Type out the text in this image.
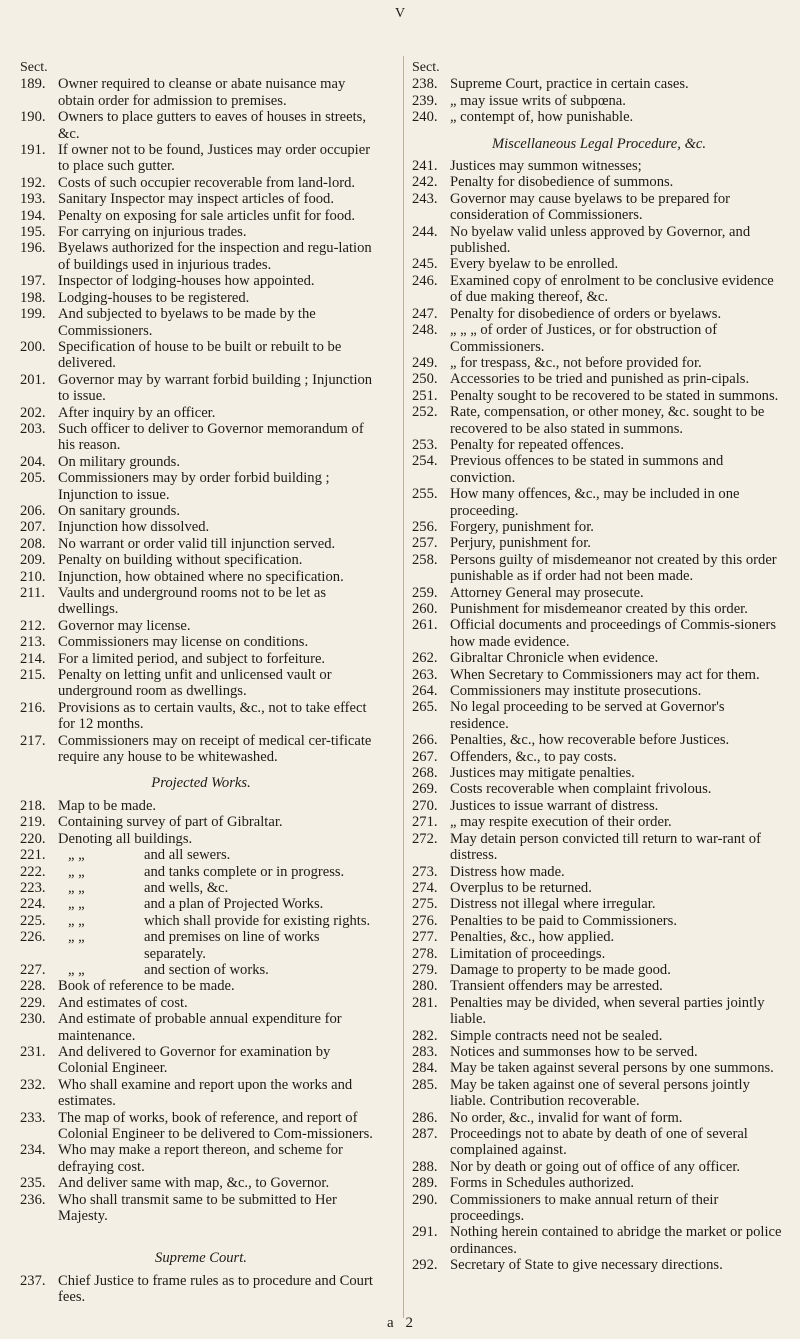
V
Sect.
189. Owner required to cleanse or abate nuisance may obtain order for admission to premises.
190. Owners to place gutters to eaves of houses in streets, &c.
191. If owner not to be found, Justices may order occupier to place such gutter.
192. Costs of such occupier recoverable from land-lord.
193. Sanitary Inspector may inspect articles of food.
194. Penalty on exposing for sale articles unfit for food.
195. For carrying on injurious trades.
196. Byelaws authorized for the inspection and regu-lation of buildings used in injurious trades.
197. Inspector of lodging-houses how appointed.
198. Lodging-houses to be registered.
199. And subjected to byelaws to be made by the Commissioners.
200. Specification of house to be built or rebuilt to be delivered.
201. Governor may by warrant forbid building ; Injunction to issue.
202. After inquiry by an officer.
203. Such officer to deliver to Governor memorandum of his reason.
204. On military grounds.
205. Commissioners may by order forbid building ; Injunction to issue.
206. On sanitary grounds.
207. Injunction how dissolved.
208. No warrant or order valid till injunction served.
209. Penalty on building without specification.
210. Injunction, how obtained where no specification.
211. Vaults and underground rooms not to be let as dwellings.
212. Governor may license.
213. Commissioners may license on conditions.
214. For a limited period, and subject to forfeiture.
215. Penalty on letting unfit and unlicensed vault or underground room as dwellings.
216. Provisions as to certain vaults, &c., not to take effect for 12 months.
217. Commissioners may on receipt of medical cer-tificate require any house to be whitewashed.
Projected Works.
218. Map to be made.
219. Containing survey of part of Gibraltar.
220. Denoting all buildings.
221.	„ „	and all sewers.
222.	„ „	and tanks complete or in progress.
223.	„ „	and wells, &c.
224.	„ „	and a plan of Projected Works.
225.	„ „	which shall provide for existing rights.
226.	„ „	and premises on line of works separately.
227.	„ „	and section of works.
228. Book of reference to be made.
229. And estimates of cost.
230. And estimate of probable annual expenditure for maintenance.
231. And delivered to Governor for examination by Colonial Engineer.
232. Who shall examine and report upon the works and estimates.
233. The map of works, book of reference, and report of Colonial Engineer to be delivered to Com-missioners.
234. Who may make a report thereon, and scheme for defraying cost.
235. And deliver same with map, &c., to Governor.
236. Who shall transmit same to be submitted to Her Majesty.
Supreme Court.
237. Chief Justice to frame rules as to procedure and Court fees.
Sect.
238. Supreme Court, practice in certain cases.
239. „ may issue writs of subpœna.
240. „ contempt of, how punishable.
Miscellaneous Legal Procedure, &c.
241. Justices may summon witnesses;
242. Penalty for disobedience of summons.
243. Governor may cause byelaws to be prepared for consideration of Commissioners.
244. No byelaw valid unless approved by Governor, and published.
245. Every byelaw to be enrolled.
246. Examined copy of enrolment to be conclusive evidence of due making thereof, &c.
247. Penalty for disobedience of orders or byelaws.
248. „ „ „ of order of Justices, or for obstruction of Commissioners.
249. „ for trespass, &c., not before provided for.
250. Accessories to be tried and punished as prin-cipals.
251. Penalty sought to be recovered to be stated in summons.
252. Rate, compensation, or other money, &c. sought to be recovered to be also stated in summons.
253. Penalty for repeated offences.
254. Previous offences to be stated in summons and conviction.
255. How many offences, &c., may be included in one proceeding.
256. Forgery, punishment for.
257. Perjury, punishment for.
258. Persons guilty of misdemeanor not created by this order punishable as if order had not been made.
259. Attorney General may prosecute.
260. Punishment for misdemeanor created by this order.
261. Official documents and proceedings of Commis-sioners how made evidence.
262. Gibraltar Chronicle when evidence.
263. When Secretary to Commissioners may act for them.
264. Commissioners may institute prosecutions.
265. No legal proceeding to be served at Governor's residence.
266. Penalties, &c., how recoverable before Justices.
267. Offenders, &c., to pay costs.
268. Justices may mitigate penalties.
269. Costs recoverable when complaint frivolous.
270. Justices to issue warrant of distress.
271. „ may respite execution of their order.
272. May detain person convicted till return to war-rant of distress.
273. Distress how made.
274. Overplus to be returned.
275. Distress not illegal where irregular.
276. Penalties to be paid to Commissioners.
277. Penalties, &c., how applied.
278. Limitation of proceedings.
279. Damage to property to be made good.
280. Transient offenders may be arrested.
281. Penalties may be divided, when several parties jointly liable.
282. Simple contracts need not be sealed.
283. Notices and summonses how to be served.
284. May be taken against several persons by one summons.
285. May be taken against one of several persons jointly liable. Contribution recoverable.
286. No order, &c., invalid for want of form.
287. Proceedings not to abate by death of one of several complained against.
288. Nor by death or going out of office of any officer.
289. Forms in Schedules authorized.
290. Commissioners to make annual return of their proceedings.
291. Nothing herein contained to abridge the market or police ordinances.
292. Secretary of State to give necessary directions.
a 2
